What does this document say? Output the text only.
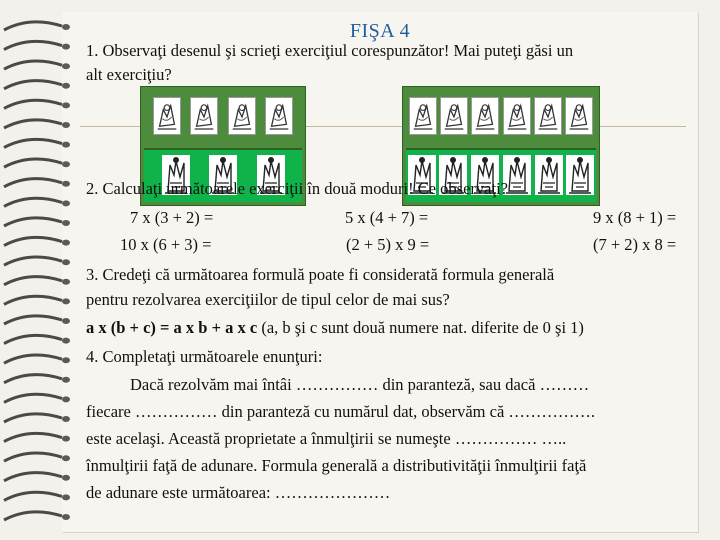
FIŞA 4
1. Observaţi desenul şi scrieţi exerciţiul corespunzător! Mai puteţi găsi un
alt exerciţiu?
2. Calculaţi următoarele exerciţii în două moduri! Ce observaţi?
7 x (3 + 2) =	5 x (4 + 7) =	9 x (8 + 1) =
10 x (6 + 3) =	(2 + 5) x 9 =	(7 + 2) x 8 =
3. Credeţi că următoarea formulă poate fi considerată formula generală
pentru rezolvarea exerciţiilor de tipul celor de mai sus?
a x (b + c) = a x b + a x c (a, b şi c sunt două numere nat. diferite de 0 şi 1)
4. Completaţi următoarele enunţuri:
Dacă rezolvăm mai întâi …………… din paranteză, sau dacă ………
fiecare …………… din paranteză cu numărul dat, observăm că …………….
este acelaşi. Această proprietate a înmulţirii se numeşte …………… …..
înmulţirii faţă de adunare. Formula generală a distributivităţii înmulţirii faţă
de adunare este următoarea: …………………
